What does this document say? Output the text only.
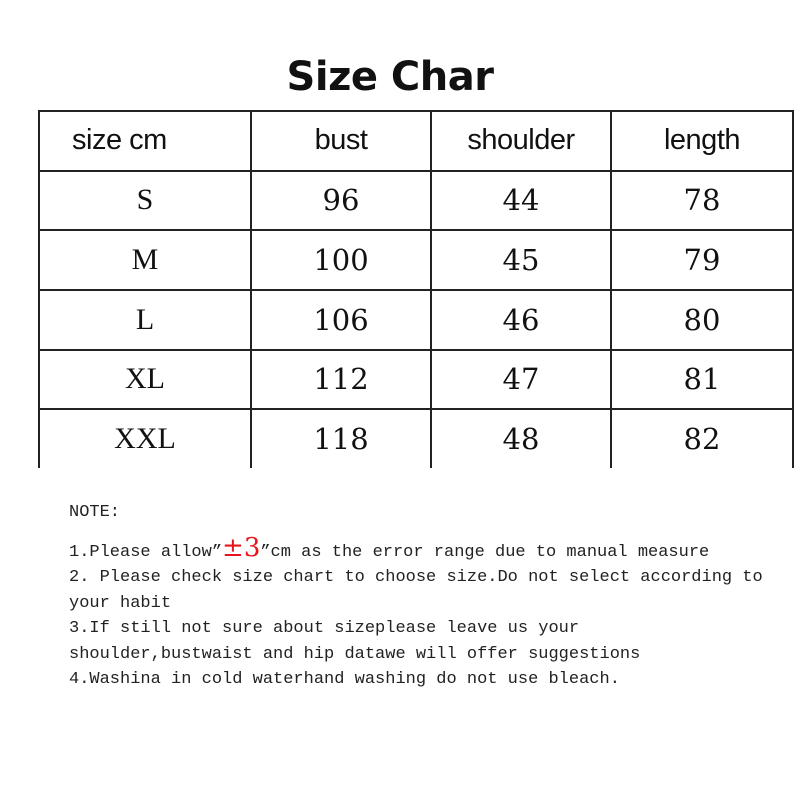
Size Char
size cm	bust	shoulder	length
S	96	44	78
M	100	45	79
L	106	46	80
XL	112	47	81
XXL	118	48	82

NOTE:

1.Please allow”±3”cm as the error range due to manual measure

2. Please check size chart to choose size.Do not select according to your habit

3.If still not sure about sizeplease leave us your shoulder,bustwaist and hip datawe will offer suggestions

4.Washina in cold waterhand washing do not use bleach.
